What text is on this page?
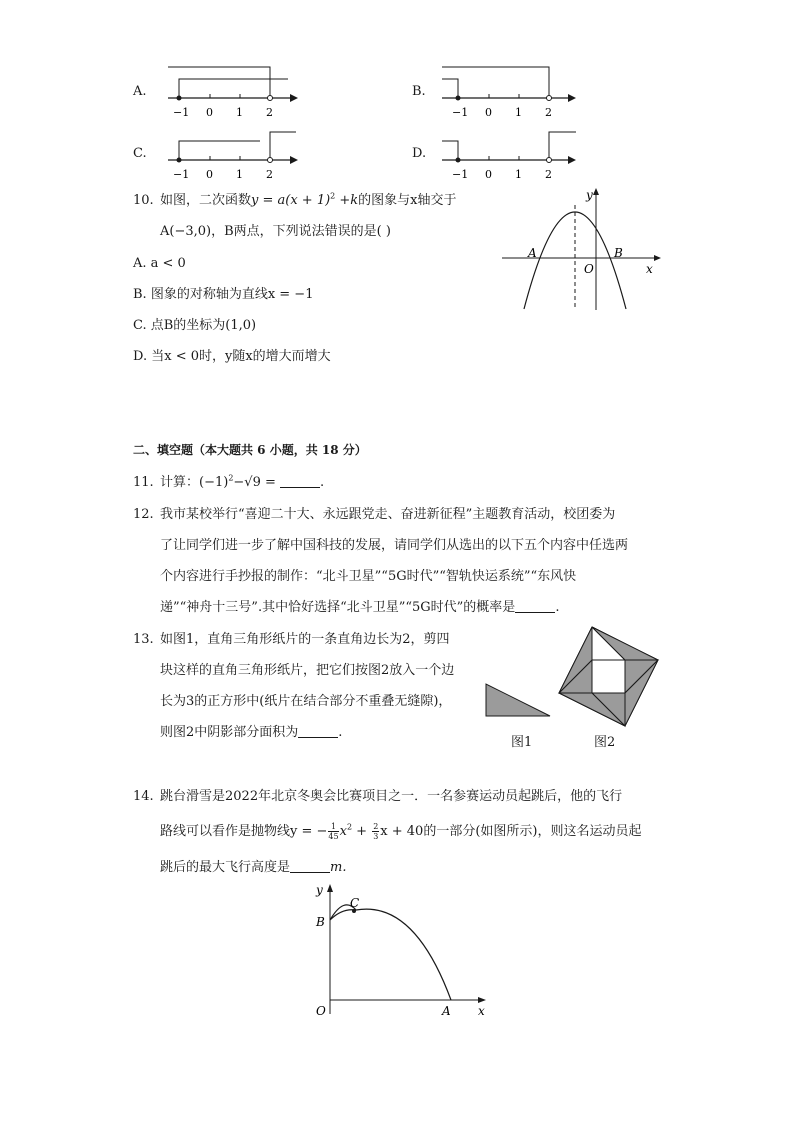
A.
−1 0 1 2
B.
−1 0 1 2
C.
−1 0 1 2
D.
−1 0 1 2
10. 如图，二次函数$y = a(x + 1)^2 +k$的图象与x轴交于
A(−3,0)，B两点，下列说法错误的是( )
A. a < 0
B. 图象的对称轴为直线x = −1
C. 点B的坐标为(1,0)
D. 当x < 0时，y随x的增大而增大
y
x
A	B
O
二、填空题（本大题共 6 小题，共 18 分）
11. 计算：$(-1)^2-√9$ =	.
12. 我市某校举行“喜迎二十大、永远跟党走、奋进新征程”主题教育活动，校团委为
了让同学们进一步了解中国科技的发展，请同学们从选出的以下五个内容中任选两
个内容进行手抄报的制作：“北斗卫星”“5G时代”“智轨快运系统”“东风快
递”“神舟十三号”.其中恰好选择“北斗卫星”“5G时代”的概率是	.
13. 如图1，直角三角形纸片的一条直角边长为2，剪四
块这样的直角三角形纸片，把它们按图2放入一个边
长为3的正方形中(纸片在结合部分不重叠无缝隙)，
则图2中阴影部分面积为	.
图1	图2
14. 跳台滑雪是2022年北京冬奥会比赛项目之一．一名参赛运动员起跳后，他的飞行
路线可以看作是抛物线y = − $\frac{1}{45} x^2 + \frac{2}{3}$ x + 40的一部分(如图所示)，则这名运动员起
跳后的最大飞行高度是	m.
y
B
C
O	A x
